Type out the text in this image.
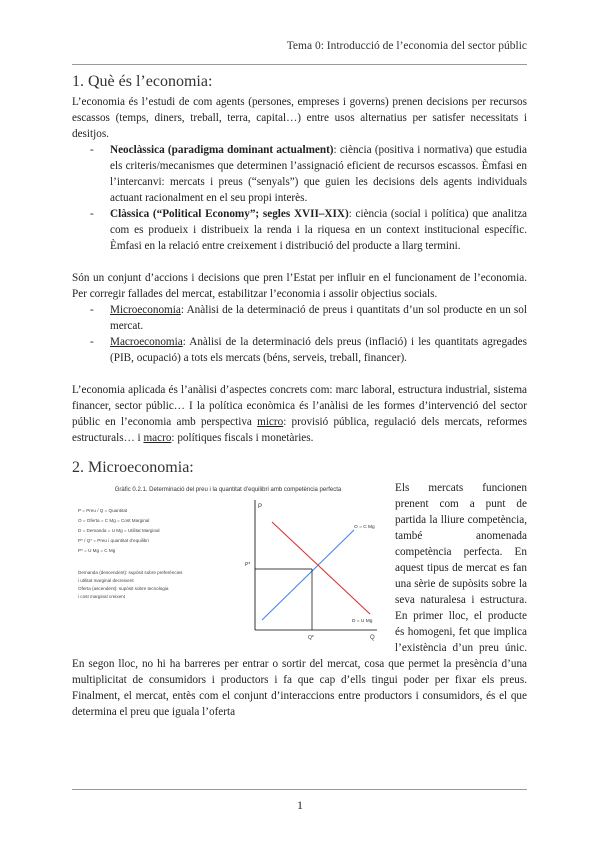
Tema 0: Introducció de l’economia del sector públic
1. Què és l’economia:

L’economia és l’estudi de com agents (persones, empreses i governs) prenen decisions per recursos escassos (temps, diners, treball, terra, capital…) entre usos alternatius per satisfer necessitats i desitjos.

- Neoclàssica (paradigma dominant actualment): ciència (positiva i normativa) que estudia els criteris/mecanismes que determinen l’assignació eficient de recursos escassos. Èmfasi en l’intercanvi: mercats i preus (“senyals”) que guien les decisions dels agents individuals actuant racionalment en el seu propi interès.
- Clàssica (“Political Economy”; segles XVII–XIX): ciència (social i política) que analitza com es produeix i distribueix la renda i la riquesa en un context institucional específic. Èmfasi en la relació entre creixement i distribució del producte a llarg termini.

Són un conjunt d’accions i decisions que pren l’Estat per influir en el funcionament de l’economia. Per corregir fallades del mercat, estabilitzar l’economia i assolir objectius socials.

- Microeconomia: Anàlisi de la determinació de preus i quantitats d’un sol producte en un sol mercat.
- Macroeconomia: Anàlisi de la determinació dels preus (inflació) i les quantitats agregades (PIB, ocupació) a tots els mercats (béns, serveis, treball, financer).

L’economia aplicada és l’anàlisi d’aspectes concrets com: marc laboral, estructura industrial, sistema financer, sector públic… I la política econòmica és l’anàlisi de les formes d’intervenció del sector públic en l’economia amb perspectiva micro: provisió pública, regulació dels mercats, reformes estructurals… i macro: polítiques fiscals i monetàries.

2. Microeconomia:
Gràfic 0.2.1. Determinació del preu i la quantitat d’equilibri amb competència perfecta
P = Preu / Q = Quantitat
O = Oferta = C Mg = Cost Marginal
D = Demanda = U Mg = Utilitat Marginal
P* / Q* = Preu i quantitat d’equilibri
P* = U Mg = C Mg
Demanda (descendent): supòsit sobre preferències
i utilitat marginal decreixent
Oferta (ascendent): supòsit sobre tecnologia
i cost marginal creixent
P
Q
P*
Q*
O = C Mg
D = U Mg

Els mercats funcionen prenent com a punt de partida la lliure competència, també anomenada competència perfecta. En aquest tipus de mercat es fan una sèrie de supòsits sobre la seva naturalesa i estructura. En primer lloc, el producte és homogeni, fet que implica l’existència d’un preu únic. En segon lloc, no hi ha barreres per entrar o sortir del mercat, cosa que permet la presència d’una multiplicitat de consumidors i productors i fa que cap d’ells tingui poder per fixar els preus. Finalment, el mercat, entès com el conjunt d’interaccions entre productors i consumidors, és el que determina el preu que iguala l’oferta

1
